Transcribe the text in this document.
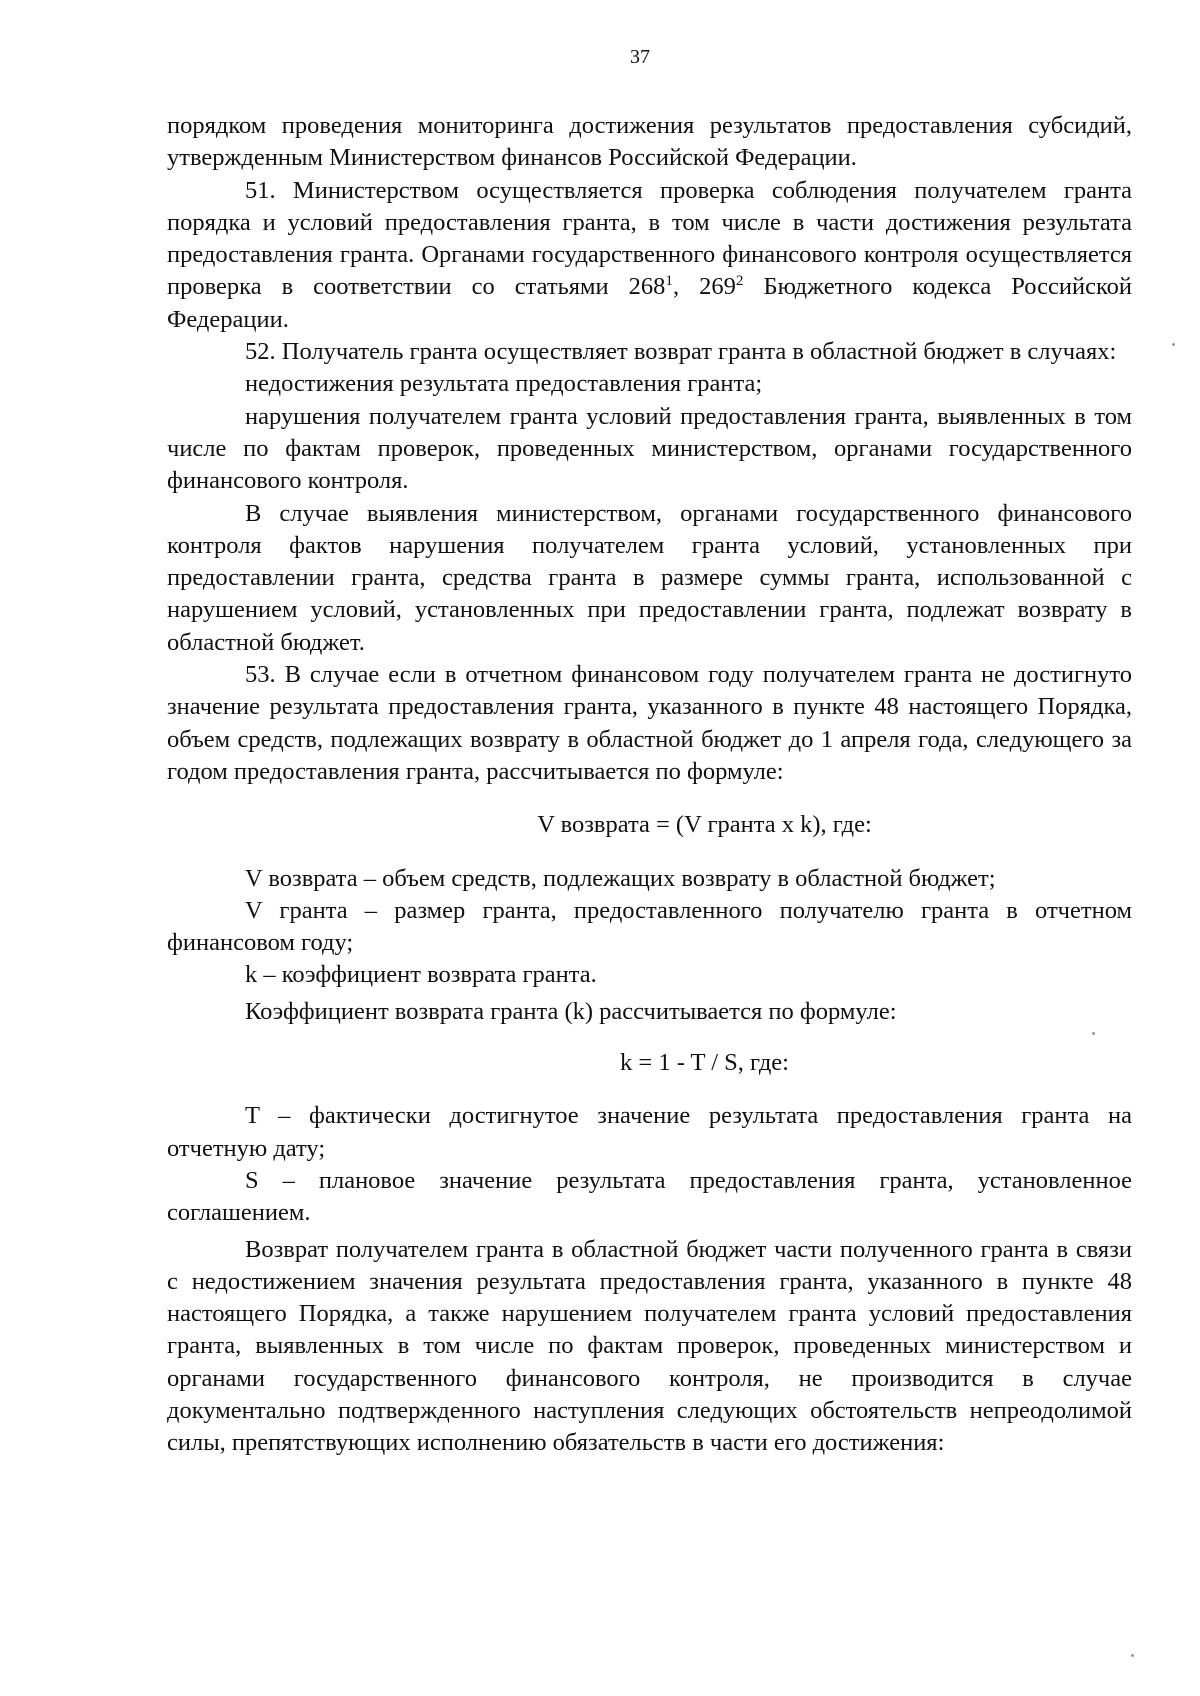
37

порядком проведения мониторинга достижения результатов предоставления субсидий, утвержденным Министерством финансов Российской Федерации.

51. Министерством осуществляется проверка соблюдения получателем гранта порядка и условий предоставления гранта, в том числе в части достижения результата предоставления гранта. Органами государственного финансового контроля осуществляется проверка в соответствии со статьями $268^1$, $269^2$ Бюджетного кодекса Российской Федерации.

52. Получатель гранта осуществляет возврат гранта в областной бюджет в случаях:

недостижения результата предоставления гранта;

нарушения получателем гранта условий предоставления гранта, выявленных в том числе по фактам проверок, проведенных министерством, органами государственного финансового контроля.

В случае выявления министерством, органами государственного финансового контроля фактов нарушения получателем гранта условий, установленных при предоставлении гранта, средства гранта в размере суммы гранта, использованной с нарушением условий, установленных при предоставлении гранта, подлежат возврату в областной бюджет.

53. В случае если в отчетном финансовом году получателем гранта не достигнуто значение результата предоставления гранта, указанного в пункте 48 настоящего Порядка, объем средств, подлежащих возврату в областной бюджет до 1 апреля года, следующего за годом предоставления гранта, рассчитывается по формуле:

V возврата = (V гранта x k), где:

V возврата – объем средств, подлежащих возврату в областной бюджет;

V гранта – размер гранта, предоставленного получателю гранта в отчетном финансовом году;

k – коэффициент возврата гранта.

Коэффициент возврата гранта (k) рассчитывается по формуле:

k = 1 - T / S, где:

T – фактически достигнутое значение результата предоставления гранта на отчетную дату;

S – плановое значение результата предоставления гранта, установленное соглашением.

Возврат получателем гранта в областной бюджет части полученного гранта в связи с недостижением значения результата предоставления гранта, указанного в пункте 48 настоящего Порядка, а также нарушением получателем гранта условий предоставления гранта, выявленных в том числе по фактам проверок, проведенных министерством и органами государственного финансового контроля, не производится в случае документально подтвержденного наступления следующих обстоятельств непреодолимой силы, препятствующих исполнению обязательств в части его достижения:
